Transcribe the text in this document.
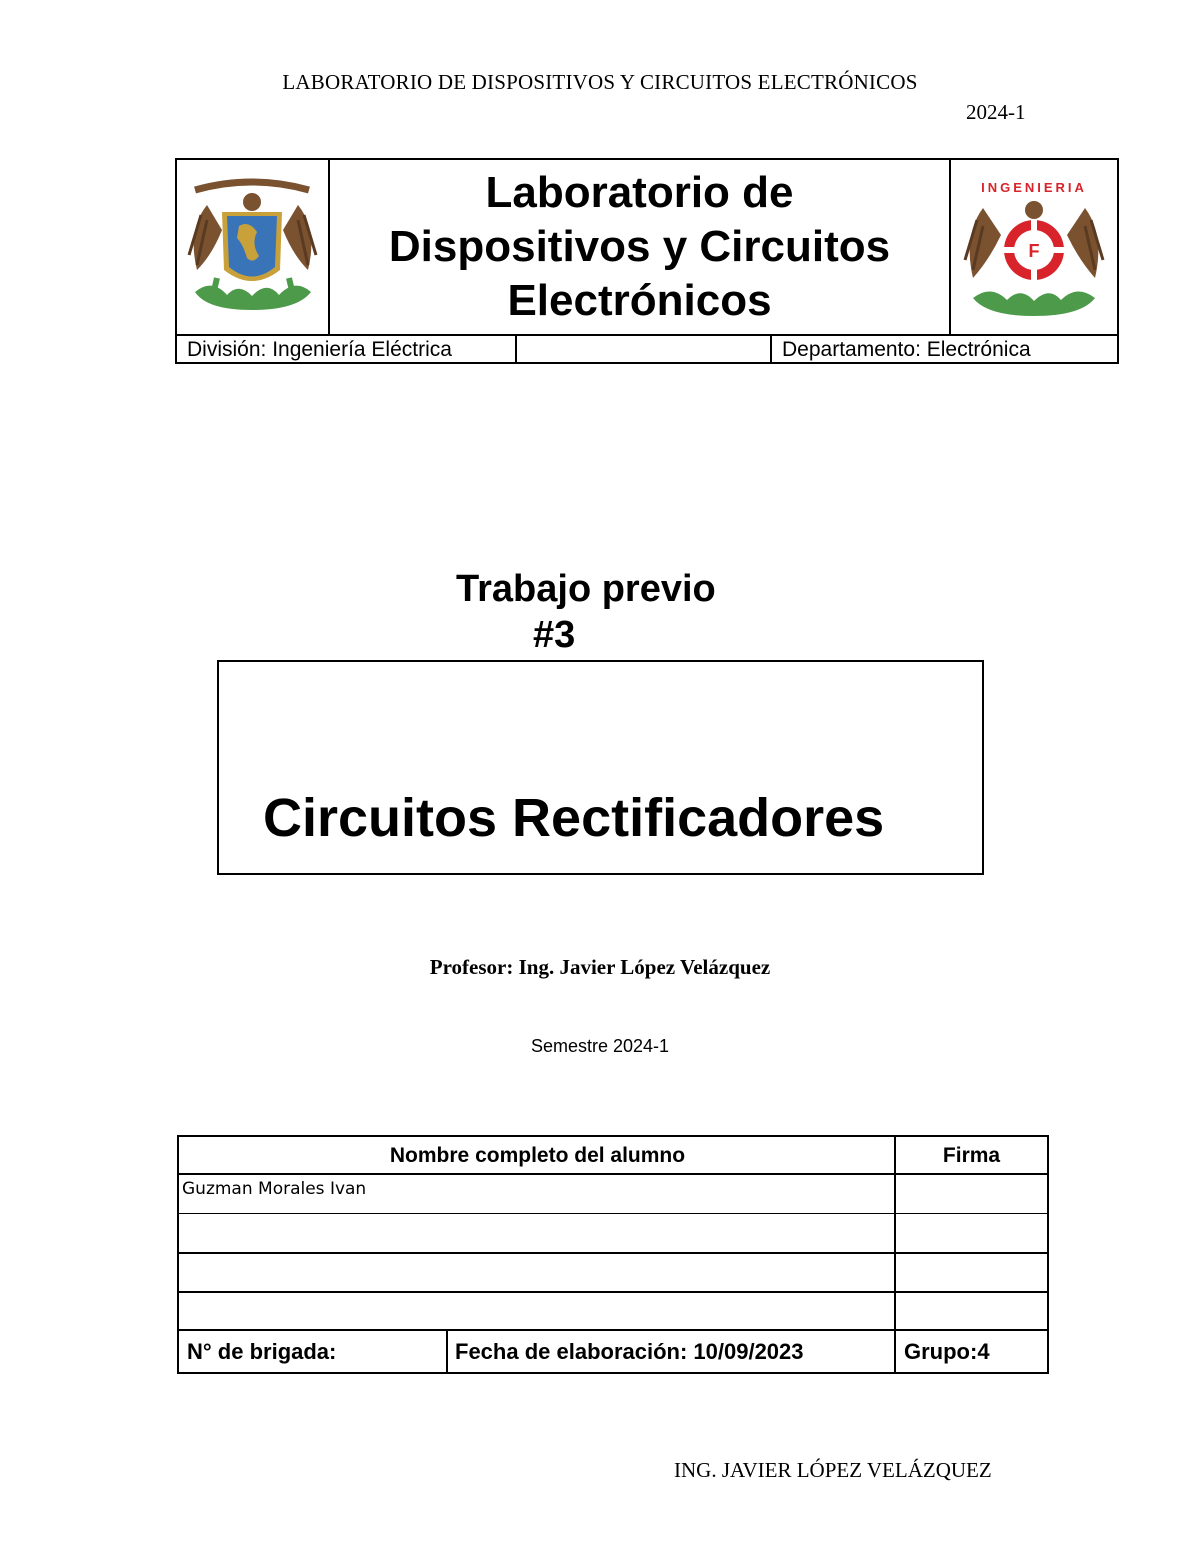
LABORATORIO DE DISPOSITIVOS Y CIRCUITOS ELECTRÓNICOS
2024-1
Laboratorio de
Dispositivos y Circuitos
Electrónicos
INGENIERIA
F
División: Ingeniería Eléctrica	Departamento: Electrónica
Trabajo previo
#3
Circuitos Rectificadores
Profesor: Ing. Javier López Velázquez
Semestre 2024-1
Nombre completo del alumno	Firma
Guzman Morales Ivan
N° de brigada:	Fecha de elaboración: 10/09/2023	Grupo:4
ING. JAVIER LÓPEZ VELÁZQUEZ
